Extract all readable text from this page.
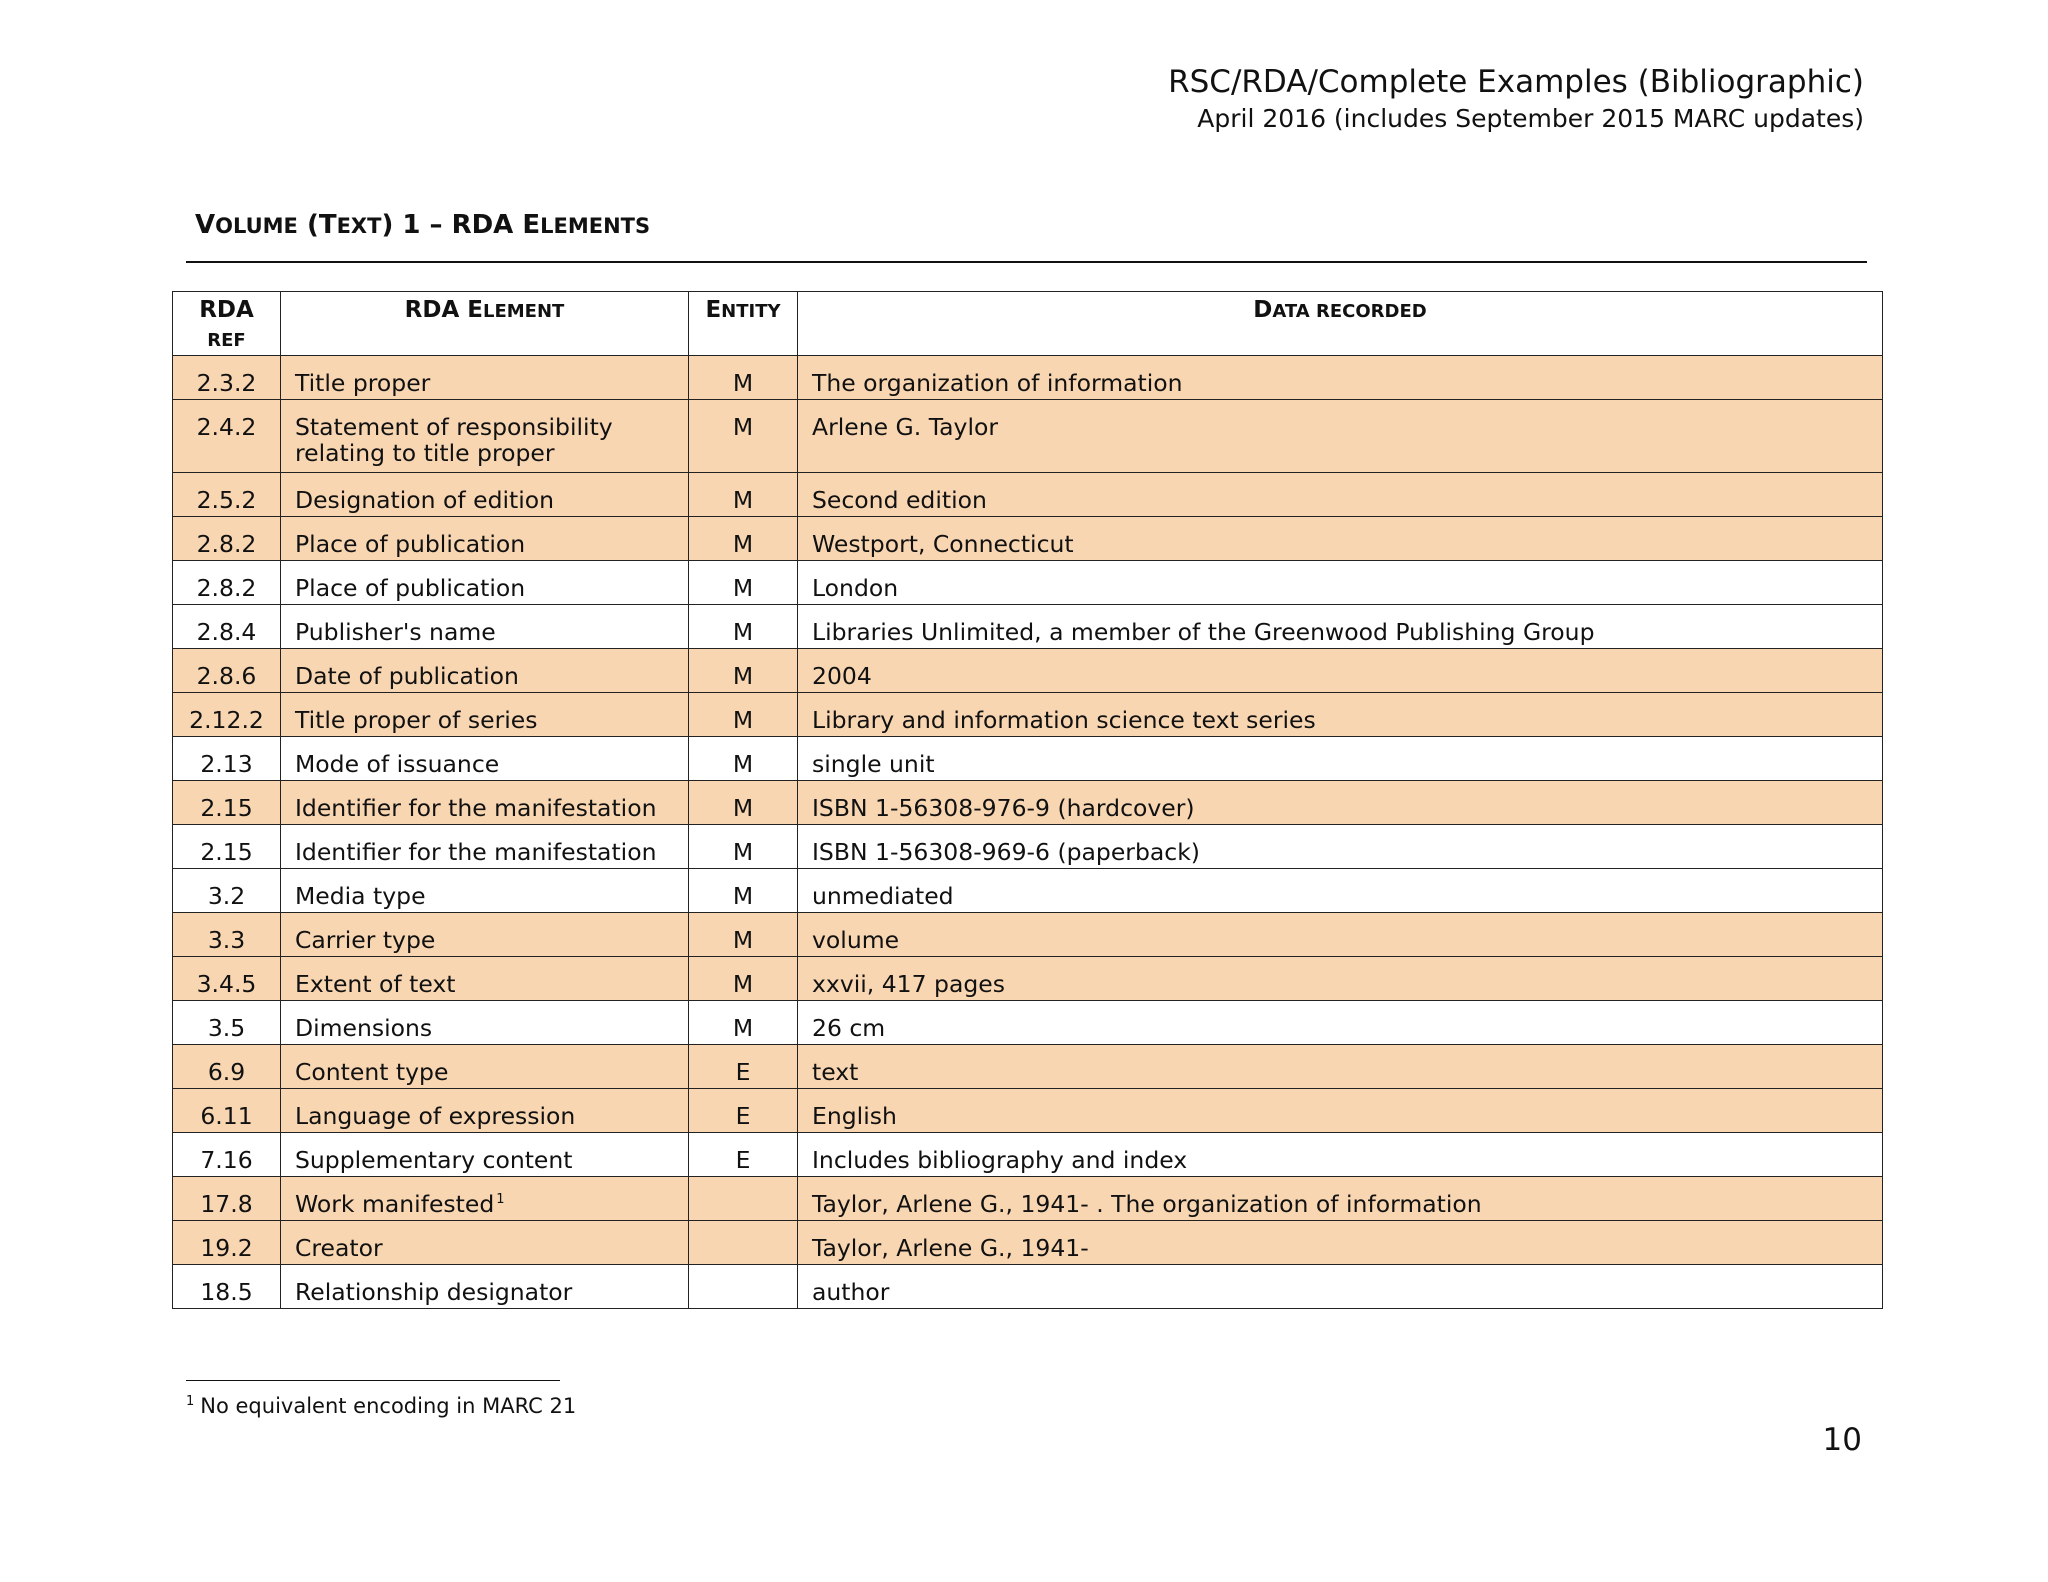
RSC/RDA/Complete Examples (Bibliographic)
April 2016 (includes September 2015 MARC updates)
VOLUME (TEXT) 1 – RDA ELEMENTS
RDA
REF	RDA ELEMENT	ENTITY	DATA RECORDED
2.3.2	Title proper	M	The organization of information
2.4.2	Statement of responsibility relating to title proper	M	Arlene G. Taylor
2.5.2	Designation of edition	M	Second edition
2.8.2	Place of publication	M	Westport, Connecticut
2.8.2	Place of publication	M	London
2.8.4	Publisher's name	M	Libraries Unlimited, a member of the Greenwood Publishing Group
2.8.6	Date of publication	M	2004
2.12.2	Title proper of series	M	Library and information science text series
2.13	Mode of issuance	M	single unit
2.15	Identifier for the manifestation	M	ISBN 1-56308-976-9 (hardcover)
2.15	Identifier for the manifestation	M	ISBN 1-56308-969-6 (paperback)
3.2	Media type	M	unmediated
3.3	Carrier type	M	volume
3.4.5	Extent of text	M	xxvii, 417 pages
3.5	Dimensions	M	26 cm
6.9	Content type	E	text
6.11	Language of expression	E	English
7.16	Supplementary content	E	Includes bibliography and index
17.8	Work manifested $^1$		Taylor, Arlene G., 1941- . The organization of information
19.2	Creator		Taylor, Arlene G., 1941-
18.5	Relationship designator		author
$^1$ No equivalent encoding in MARC 21
10
